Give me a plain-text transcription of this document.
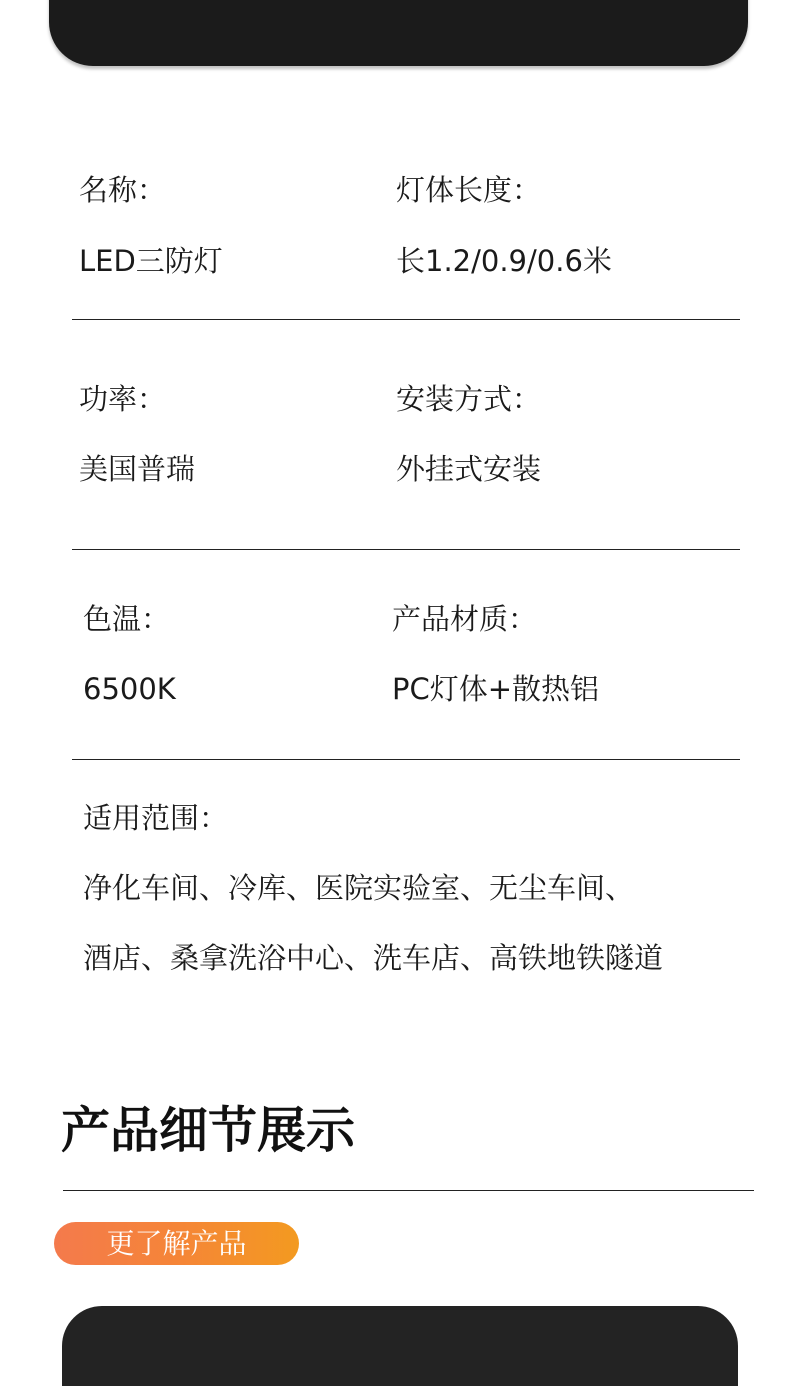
名称：	灯体长度：
LED三防灯	长1.2/0.9/0.6米
功率：	安装方式：
美国普瑞	外挂式安装
色温：	产品材质：
6500K	PC灯体+散热铝
适用范围：
净化车间、冷库、医院实验室、无尘车间、
酒店、桑拿洗浴中心、洗车店、高铁地铁隧道
产品细节展示
更了解产品
